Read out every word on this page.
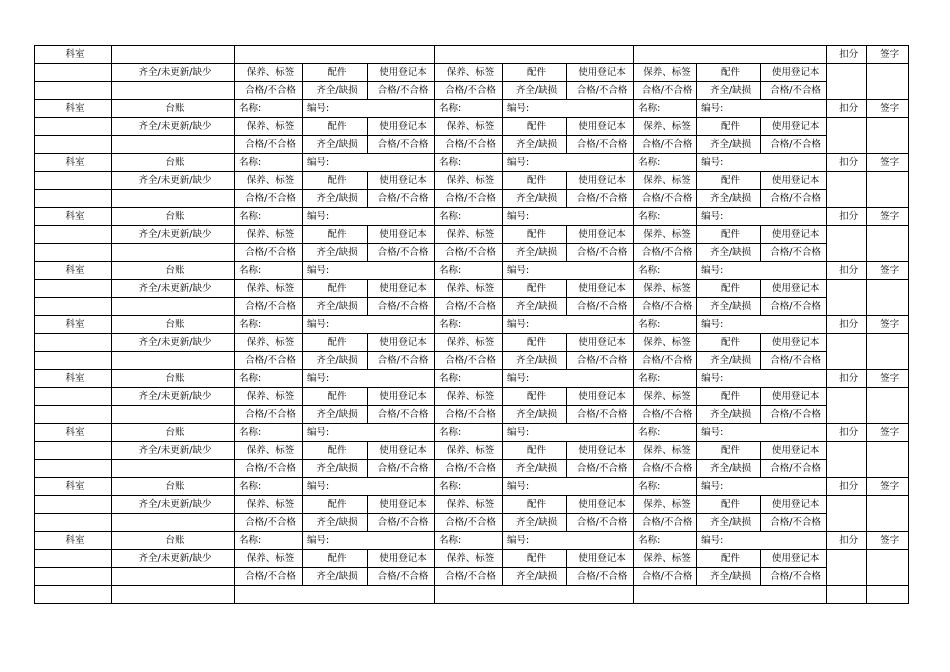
科室											扣分	签字
	齐全/未更新/缺少	保养、标签	配件	使用登记本	保养、标签	配件	使用登记本	保养、标签	配件	使用登记本		
		合格/不合格	齐全/缺损	合格/不合格	合格/不合格	齐全/缺损	合格/不合格	合格/不合格	齐全/缺损	合格/不合格		
科室	台账	名称:	编号:		名称:	编号:		名称:	编号:		扣分	签字
	齐全/未更新/缺少	保养、标签	配件	使用登记本	保养、标签	配件	使用登记本	保养、标签	配件	使用登记本		
		合格/不合格	齐全/缺损	合格/不合格	合格/不合格	齐全/缺损	合格/不合格	合格/不合格	齐全/缺损	合格/不合格		
科室	台账	名称:	编号:		名称:	编号:		名称:	编号:		扣分	签字
	齐全/未更新/缺少	保养、标签	配件	使用登记本	保养、标签	配件	使用登记本	保养、标签	配件	使用登记本		
		合格/不合格	齐全/缺损	合格/不合格	合格/不合格	齐全/缺损	合格/不合格	合格/不合格	齐全/缺损	合格/不合格		
科室	台账	名称:	编号:		名称:	编号:		名称:	编号:		扣分	签字
	齐全/未更新/缺少	保养、标签	配件	使用登记本	保养、标签	配件	使用登记本	保养、标签	配件	使用登记本		
		合格/不合格	齐全/缺损	合格/不合格	合格/不合格	齐全/缺损	合格/不合格	合格/不合格	齐全/缺损	合格/不合格		
科室	台账	名称:	编号:		名称:	编号:		名称:	编号:		扣分	签字
	齐全/未更新/缺少	保养、标签	配件	使用登记本	保养、标签	配件	使用登记本	保养、标签	配件	使用登记本		
		合格/不合格	齐全/缺损	合格/不合格	合格/不合格	齐全/缺损	合格/不合格	合格/不合格	齐全/缺损	合格/不合格		
科室	台账	名称:	编号:		名称:	编号:		名称:	编号:		扣分	签字
	齐全/未更新/缺少	保养、标签	配件	使用登记本	保养、标签	配件	使用登记本	保养、标签	配件	使用登记本		
		合格/不合格	齐全/缺损	合格/不合格	合格/不合格	齐全/缺损	合格/不合格	合格/不合格	齐全/缺损	合格/不合格		
科室	台账	名称:	编号:		名称:	编号:		名称:	编号:		扣分	签字
	齐全/未更新/缺少	保养、标签	配件	使用登记本	保养、标签	配件	使用登记本	保养、标签	配件	使用登记本		
		合格/不合格	齐全/缺损	合格/不合格	合格/不合格	齐全/缺损	合格/不合格	合格/不合格	齐全/缺损	合格/不合格		
科室	台账	名称:	编号:		名称:	编号:		名称:	编号:		扣分	签字
	齐全/未更新/缺少	保养、标签	配件	使用登记本	保养、标签	配件	使用登记本	保养、标签	配件	使用登记本		
		合格/不合格	齐全/缺损	合格/不合格	合格/不合格	齐全/缺损	合格/不合格	合格/不合格	齐全/缺损	合格/不合格		
科室	台账	名称:	编号:		名称:	编号:		名称:	编号:		扣分	签字
	齐全/未更新/缺少	保养、标签	配件	使用登记本	保养、标签	配件	使用登记本	保养、标签	配件	使用登记本		
		合格/不合格	齐全/缺损	合格/不合格	合格/不合格	齐全/缺损	合格/不合格	合格/不合格	齐全/缺损	合格/不合格		
科室	台账	名称:	编号:		名称:	编号:		名称:	编号:		扣分	签字
	齐全/未更新/缺少	保养、标签	配件	使用登记本	保养、标签	配件	使用登记本	保养、标签	配件	使用登记本		
		合格/不合格	齐全/缺损	合格/不合格	合格/不合格	齐全/缺损	合格/不合格	合格/不合格	齐全/缺损	合格/不合格		
